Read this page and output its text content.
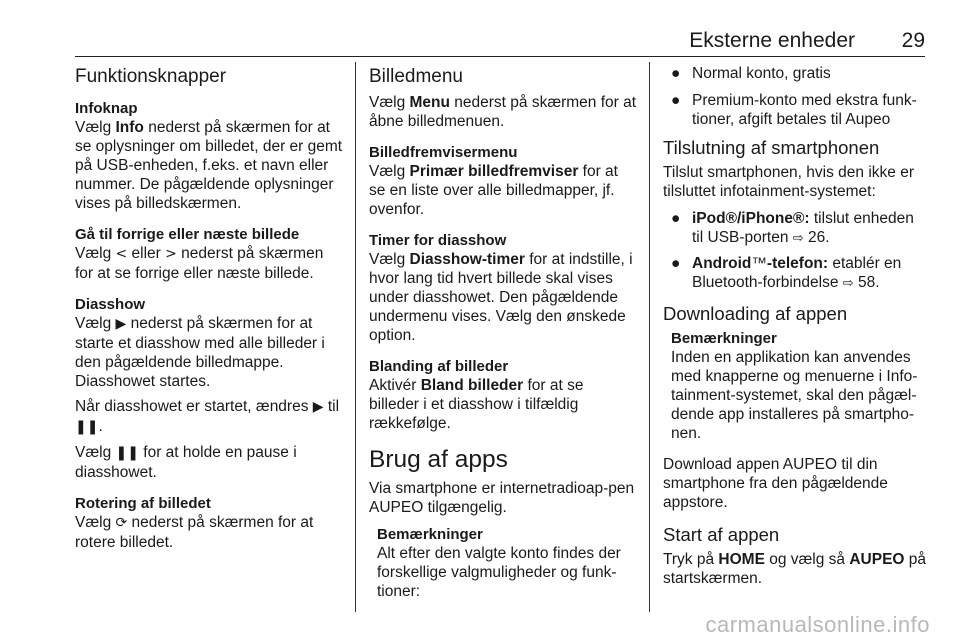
Eksterne enheder 29
Funktionsknapper
Infoknap

Vælg Info nederst på skærmen for at se oplysninger om billedet, der er gemt på USB-enheden, f.eks. et navn eller nummer. De pågældende oplysninger vises på billedskærmen.

Gå til forrige eller næste billede

Vælg < eller > nederst på skærmen for at se forrige eller næste billede.

Diasshow

Vælg ▶ nederst på skærmen for at starte et diasshow med alle billeder i den pågældende billedmappe. Diasshowet startes.

Når diasshowet er startet, ændres ▶ til ❚❚.

Vælg ❚❚ for at holde en pause i diasshowet.

Rotering af billedet

Vælg ⟳ nederst på skærmen for at rotere billedet.

Billedmenu

Vælg Menu nederst på skærmen for at åbne billedmenuen.

Billedfremvisermenu

Vælg Primær billedfremviser for at se en liste over alle billedmapper, jf. ovenfor.

Timer for diasshow

Vælg Diasshow-timer for at indstille, i hvor lang tid hvert billede skal vises under diasshowet. Den pågældende undermenu vises. Vælg den ønskede option.

Blanding af billeder

Aktivér Bland billeder for at se billeder i et diasshow i tilfældig rækkefølge.

Brug af apps

Via smartphone er internetradioap-pen AUPEO tilgængelig.

Bemærkninger
Alt efter den valgte konto findes der forskellige valgmuligheder og funk-tioner:
● Normal konto, gratis
● Premium-konto med ekstra funk-tioner, afgift betales til Aupeo
Tilslutning af smartphonen

Tilslut smartphonen, hvis den ikke er tilsluttet infotainment-systemet:

● iPod®/iPhone®: tilslut enheden til USB-porten ⇨ 26.
● Android™-telefon: etablér en Bluetooth-forbindelse ⇨ 58.
Downloading af appen
Bemærkninger
Inden en applikation kan anvendes med knapperne og menuerne i Info-tainment-systemet, skal den pågæl-dende app installeres på smartpho-nen.

Download appen AUPEO til din smartphone fra den pågældende appstore.

Start af appen

Tryk på HOME og vælg så AUPEO på startskærmen.

carmanualsonline.info
